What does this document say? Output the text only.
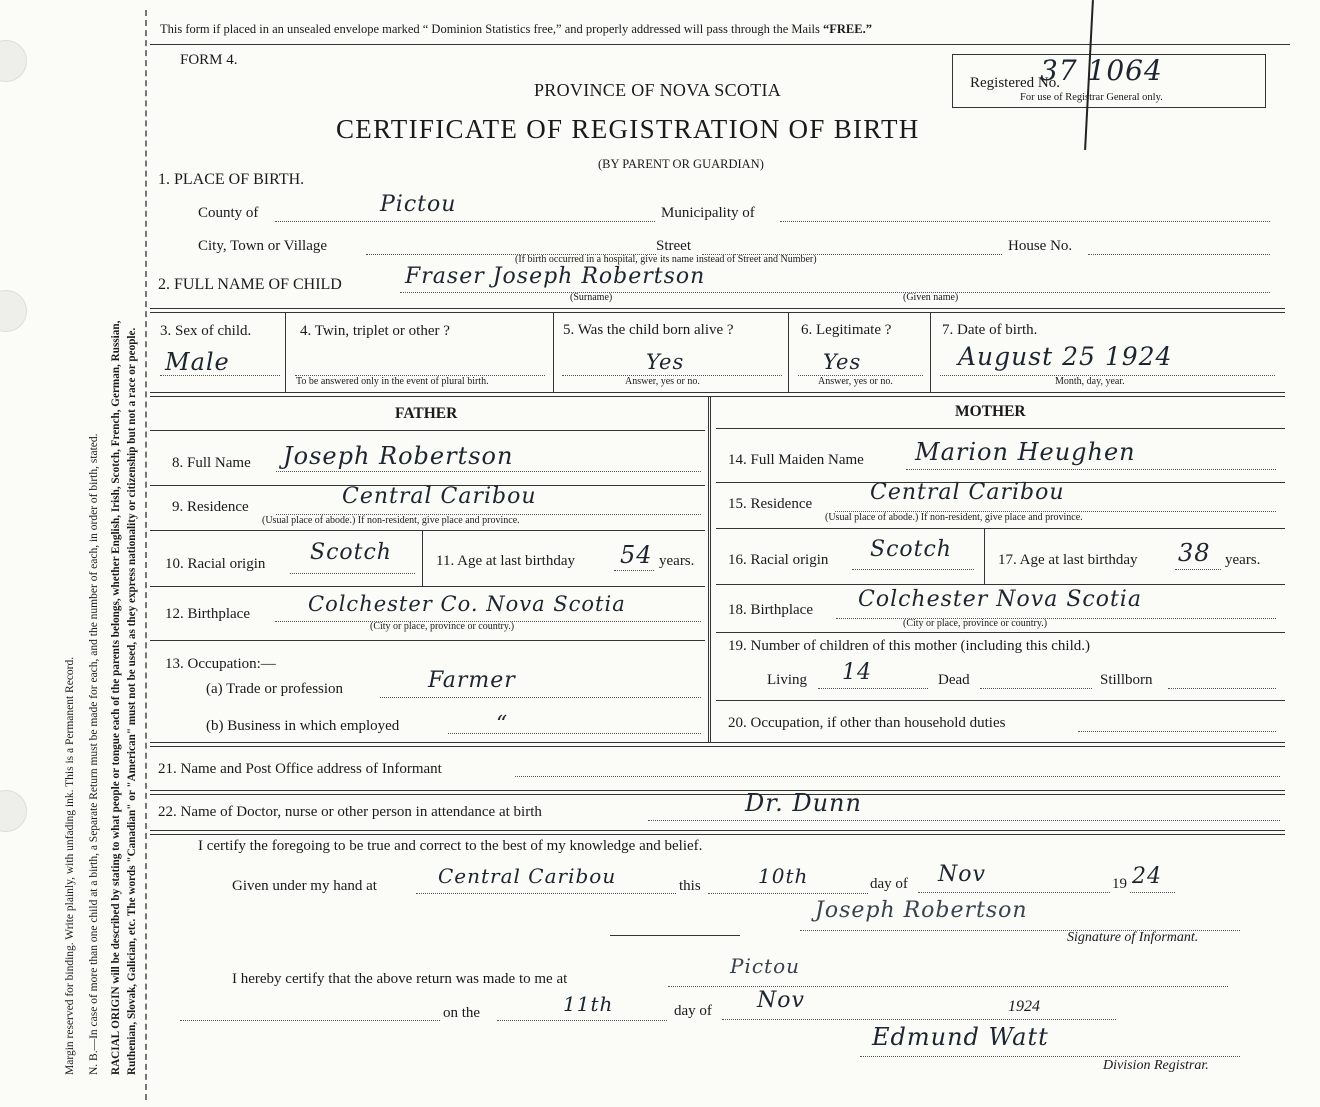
Margin reserved for binding. Write plainly, with unfading ink. This is a Permanent Record. N. B.—In case of more than one child at a birth, a Separate Return must be made for each, and the number of each, in order of birth, stated. RACIAL ORIGIN will be described by stating to what people or tongue each of the parents belongs, whether English, Irish, Scotch, French, German, Russian, Ruthenian, Slovak, Galician, etc. The words "Canadian" or "American" must not be used, as they express nationality or citizenship but not a race or people.
This form if placed in an unsealed envelope marked “ Dominion Statistics free,” and properly addressed will pass through the Mails “FREE.”
FORM 4.
PROVINCE OF NOVA SCOTIA
CERTIFICATE OF REGISTRATION OF BIRTH
(BY PARENT OR GUARDIAN)
Registered No.
37 1064
For use of Registrar General only.
1. PLACE OF BIRTH.
County of	Pictou	Municipality of
City, Town or Village	Street	House No.
(If birth occurred in a hospital, give its name instead of Street and Number)
2. FULL NAME OF CHILD	Fraser Joseph Robertson
(Surname)	(Given name)
3. Sex of child.
Male
4. Twin, triplet or other ?
To be answered only in the event of plural birth.
5. Was the child born alive ?
Yes
Answer, yes or no.
6. Legitimate ?
Yes
Answer, yes or no.
7. Date of birth.
August 25 1924
Month, day, year.
FATHER	MOTHER
8. Full Name Joseph Robertson
9. Residence	Central Caribou
(Usual place of abode.) If non-resident, give place and province.
10. Racial origin Scotch	11. Age at last birthday 54 years.
12. Birthplace	Colchester Co. Nova Scotia
(City or place, province or country.)
13. Occupation:—
(a) Trade or profession	Farmer
(b) Business in which employed	“
14. Full Maiden Name Marion Heughen
15. Residence	Central Caribou
(Usual place of abode.) If non-resident, give place and province.
16. Racial origin Scotch	17. Age at last birthday 38 years.
18. Birthplace Colchester Nova Scotia
(City or place, province or country.)
19. Number of children of this mother (including this child.)
Living 14	Dead	Stillborn
20. Occupation, if other than household duties
21. Name and Post Office address of Informant
22. Name of Doctor, nurse or other person in attendance at birth	Dr. Dunn
I certify the foregoing to be true and correct to the best of my knowledge and belief.
Given under my hand at	Central Caribou	this	10th	day of Nov	19 24
Joseph Robertson
Signature of Informant.
I hereby certify that the above return was made to me at
Pictou
on the	11th	day of Nov	1924
Edmund Watt
Division Registrar.
